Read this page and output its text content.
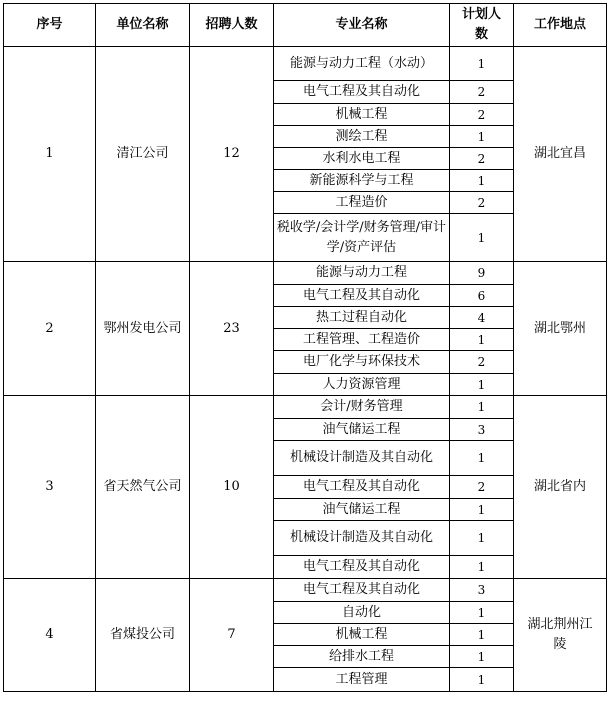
序号	单位名称	招聘人数	专业名称	计划人数	工作地点
1	清江公司	12	能源与动力工程（水动）	1	湖北宜昌
			电气工程及其自动化	2	
			机械工程	2	
			测绘工程	1	
			水利水电工程	2	
			新能源科学与工程	1	
			工程造价	2	
			税收学/会计学/财务管理/审计学/资产评估	1	
2	鄂州发电公司	23	能源与动力工程	9	湖北鄂州
			电气工程及其自动化	6	
			热工过程自动化	4	
			工程管理、工程造价	1	
			电厂化学与环保技术	2	
			人力资源管理	1	
3	省天然气公司	10	会计/财务管理	1	湖北省内
			油气储运工程	3	
			机械设计制造及其自动化	1	
			电气工程及其自动化	2	
			油气储运工程	1	
			机械设计制造及其自动化	1	
			电气工程及其自动化	1	
4	省煤投公司	7	电气工程及其自动化	3	湖北荆州江陵
			自动化	1	
			机械工程	1	
			给排水工程	1	
			工程管理	1	
